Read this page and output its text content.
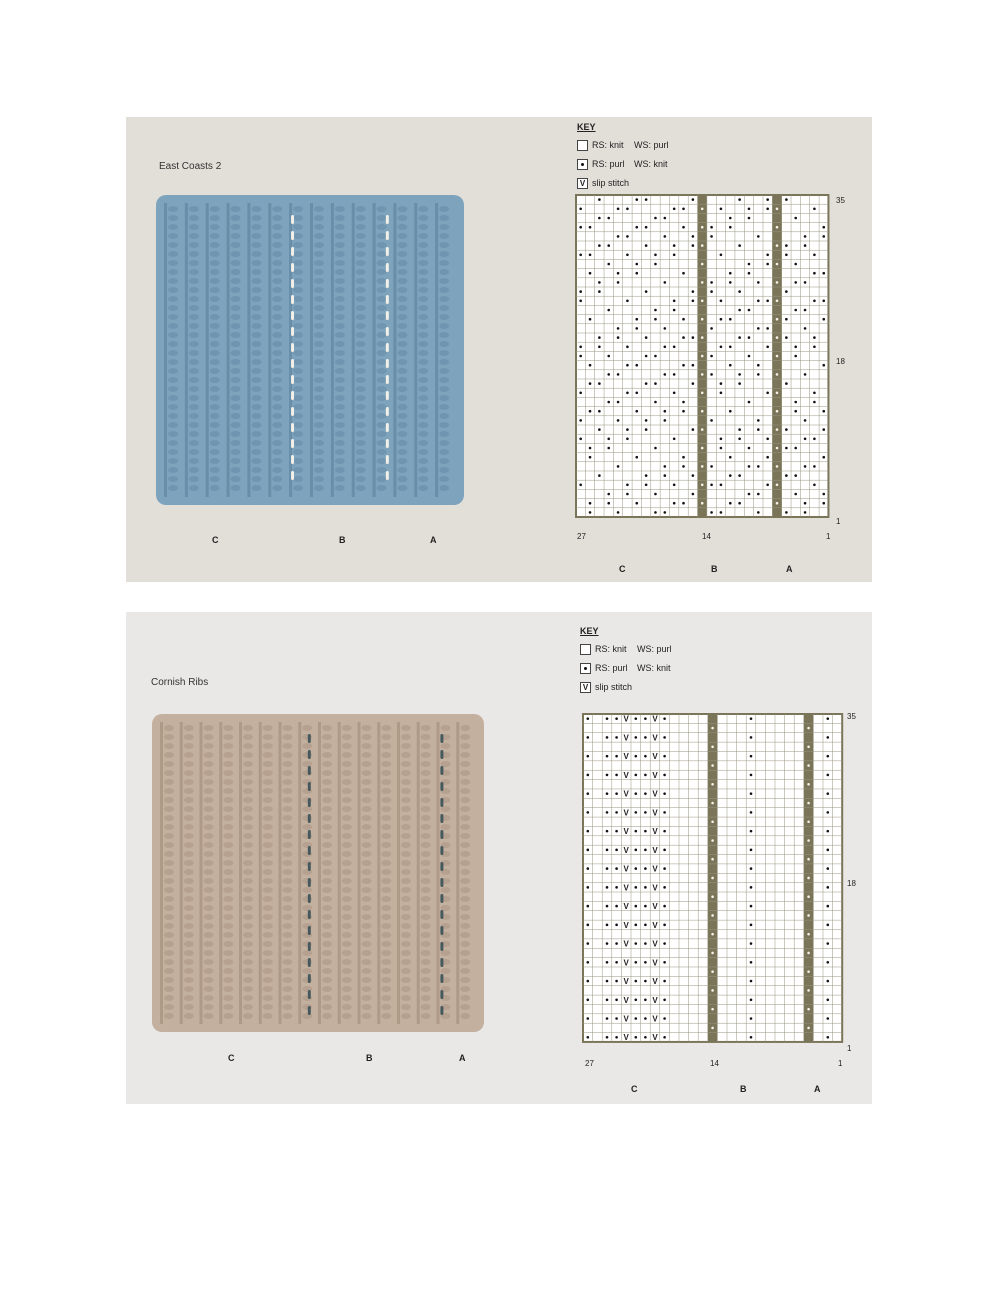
East Coasts 2
C	B	A
KEY
RS: knit	WS: purl
RS: purl	WS: knit
V slip stitch
35
18
1
27	14	1
C	B	A
Cornish Ribs
C	B	A
KEY
RS: knit	WS: purl
RS: purl	WS: knit
V slip stitch
V
V
V
V
V
V
V
V
V
V
V
V
V
V
V
V
V
V
V
V
V
V
V
V
V
V
V
V
V
V
V
V
V
V
V
V
35
18
1
27	14	1
C	B	A
